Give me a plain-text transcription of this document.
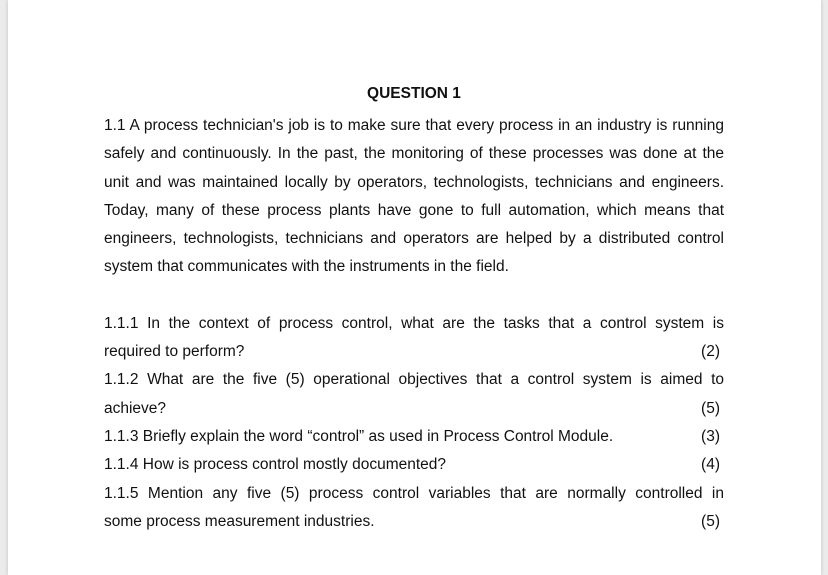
QUESTION 1

1.1 A process technician's job is to make sure that every process in an industry is running safely and continuously. In the past, the monitoring of these processes was done at the unit and was maintained locally by operators, technologists, technicians and engineers. Today, many of these process plants have gone to full automation, which means that engineers, technologists, technicians and operators are helped by a distributed control system that communicates with the instruments in the field.

1.1.1 In the context of process control, what are the tasks that a control system is
required to perform?	(2)
1.1.2 What are the five (5) operational objectives that a control system is aimed to
achieve?	(5)
1.1.3 Briefly explain the word “control” as used in Process Control Module.	(3)
1.1.4 How is process control mostly documented?	(4)
1.1.5 Mention any five (5) process control variables that are normally controlled in
some process measurement industries.	(5)
